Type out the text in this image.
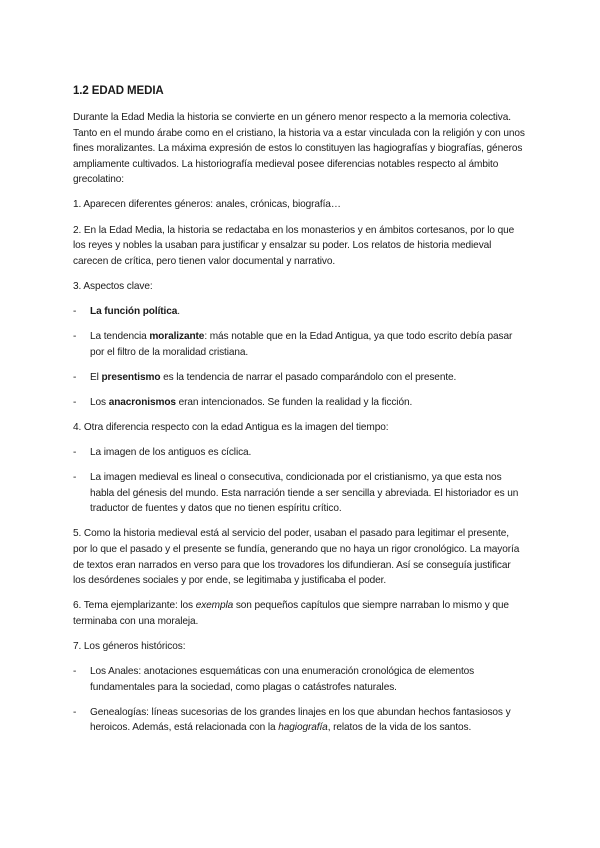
1.2 EDAD MEDIA

Durante la Edad Media la historia se convierte en un género menor respecto a la memoria colectiva. Tanto en el mundo árabe como en el cristiano, la historia va a estar vinculada con la religión y con unos fines moralizantes. La máxima expresión de estos lo constituyen las hagiografías y biografías, géneros ampliamente cultivados. La historiografía medieval posee diferencias notables respecto al ámbito grecolatino:

1. Aparecen diferentes géneros: anales, crónicas, biografía…

2. En la Edad Media, la historia se redactaba en los monasterios y en ámbitos cortesanos, por lo que los reyes y nobles la usaban para justificar y ensalzar su poder. Los relatos de historia medieval carecen de crítica, pero tienen valor documental y narrativo.

3. Aspectos clave:

- La función política.
- La tendencia moralizante: más notable que en la Edad Antigua, ya que todo escrito debía pasar por el filtro de la moralidad cristiana.
- El presentismo es la tendencia de narrar el pasado comparándolo con el presente.
- Los anacronismos eran intencionados. Se funden la realidad y la ficción.

4. Otra diferencia respecto con la edad Antigua es la imagen del tiempo:

- La imagen de los antiguos es cíclica.
- La imagen medieval es lineal o consecutiva, condicionada por el cristianismo, ya que esta nos habla del génesis del mundo. Esta narración tiende a ser sencilla y abreviada. El historiador es un traductor de fuentes y datos que no tienen espíritu crítico.

5. Como la historia medieval está al servicio del poder, usaban el pasado para legitimar el presente, por lo que el pasado y el presente se fundía, generando que no haya un rigor cronológico. La mayoría de textos eran narrados en verso para que los trovadores los difundieran. Así se conseguía justificar los desórdenes sociales y por ende, se legitimaba y justificaba el poder.

6. Tema ejemplarizante: los exempla son pequeños capítulos que siempre narraban lo mismo y que terminaba con una moraleja.

7. Los géneros históricos:

- Los Anales: anotaciones esquemáticas con una enumeración cronológica de elementos fundamentales para la sociedad, como plagas o catástrofes naturales.
- Genealogías: líneas sucesorias de los grandes linajes en los que abundan hechos fantasiosos y heroicos. Además, está relacionada con la hagiografía, relatos de la vida de los santos.
